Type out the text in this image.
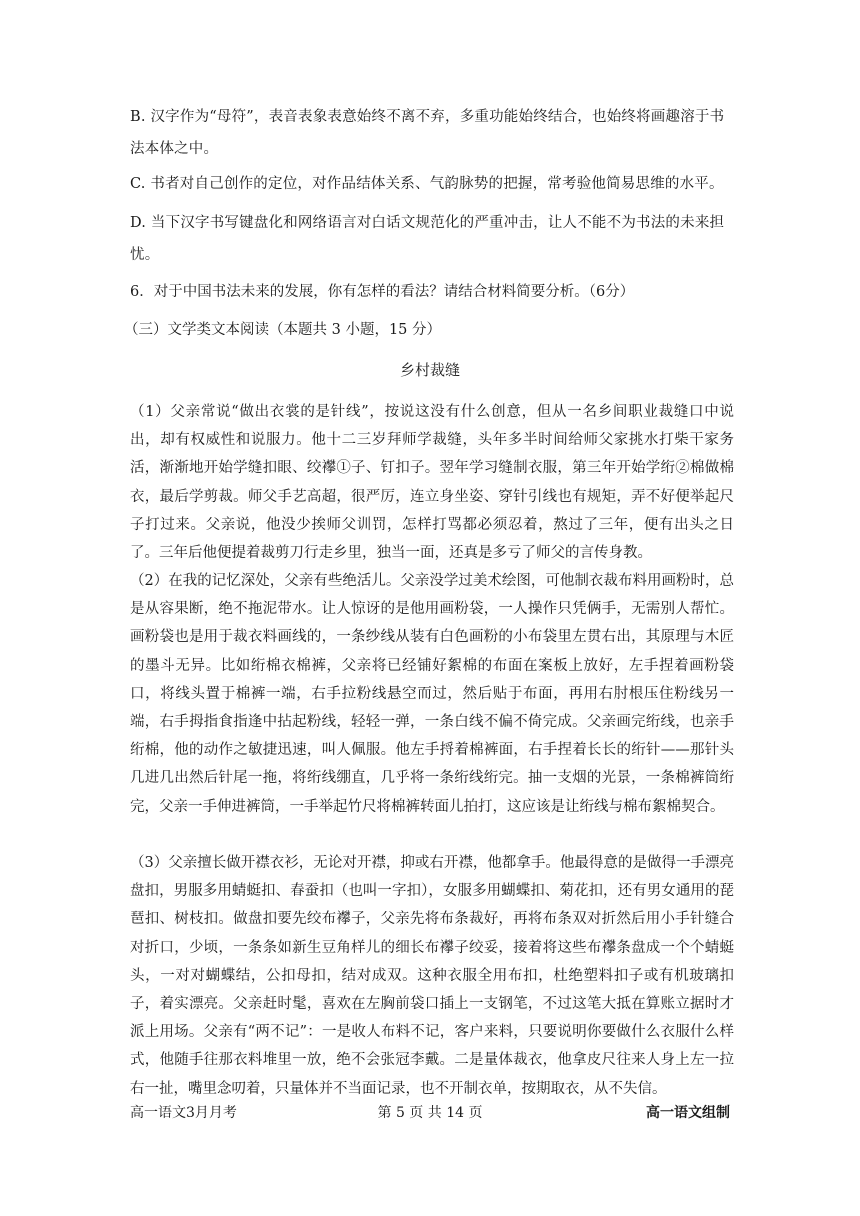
B. 汉字作为“母符”，表音表象表意始终不离不弃，多重功能始终结合，也始终将画趣溶于书法本体之中。
C. 书者对自己创作的定位，对作品结体关系、气韵脉势的把握，常考验他简易思维的水平。
D. 当下汉字书写键盘化和网络语言对白话文规范化的严重冲击，让人不能不为书法的未来担忧。
6．对于中国书法未来的发展，你有怎样的看法？请结合材料简要分析。（6分）
（三）文学类文本阅读（本题共 3 小题，15 分）
乡村裁缝
（1）父亲常说“做出衣裳的是针线”，按说这没有什么创意，但从一名乡间职业裁缝口中说出，却有权威性和说服力。他十二三岁拜师学裁缝，头年多半时间给师父家挑水打柴干家务活，渐渐地开始学缝扣眼、绞襻①子、钉扣子。翌年学习缝制衣服，第三年开始学绗②棉做棉衣，最后学剪裁。师父手艺高超，很严厉，连立身坐姿、穿针引线也有规矩，弄不好便举起尺子打过来。父亲说，他没少挨师父训罚，怎样打骂都必须忍着，熬过了三年，便有出头之日了。三年后他便提着裁剪刀行走乡里，独当一面，还真是多亏了师父的言传身教。
（2）在我的记忆深处，父亲有些绝活儿。父亲没学过美术绘图，可他制衣裁布料用画粉时，总是从容果断，绝不拖泥带水。让人惊讶的是他用画粉袋，一人操作只凭俩手，无需别人帮忙。画粉袋也是用于裁衣料画线的，一条纱线从装有白色画粉的小布袋里左贯右出，其原理与木匠的墨斗无异。比如绗棉衣棉裤，父亲将已经铺好絮棉的布面在案板上放好，左手捏着画粉袋口，将线头置于棉裤一端，右手拉粉线悬空而过，然后贴于布面，再用右肘根压住粉线另一端，右手拇指食指逢中拈起粉线，轻轻一弹，一条白线不偏不倚完成。父亲画完绗线，也亲手绗棉，他的动作之敏捷迅速，叫人佩服。他左手捋着棉裤面，右手捏着长长的绗针——那针头几进几出然后针尾一拖，将绗线绷直，几乎将一条绗线绗完。抽一支烟的光景，一条棉裤筒绗完，父亲一手伸进裤筒，一手举起竹尺将棉裤转面儿拍打，这应该是让绗线与棉布絮棉契合。
（3）父亲擅长做开襟衣衫，无论对开襟，抑或右开襟，他都拿手。他最得意的是做得一手漂亮盘扣，男服多用蜻蜓扣、春蚕扣（也叫一字扣），女服多用蝴蝶扣、菊花扣，还有男女通用的琵琶扣、树枝扣。做盘扣要先绞布襻子，父亲先将布条裁好，再将布条双对折然后用小手针缝合对折口，少顷，一条条如新生豆角样儿的细长布襻子绞妥，接着将这些布襻条盘成一个个蜻蜓头，一对对蝴蝶结，公扣母扣，结对成双。这种衣服全用布扣，杜绝塑料扣子或有机玻璃扣子，着实漂亮。父亲赶时髦，喜欢在左胸前袋口插上一支钢笔，不过这笔大抵在算账立据时才派上用场。父亲有“两不记”：一是收人布料不记，客户来料，只要说明你要做什么衣服什么样式，他随手往那衣料堆里一放，绝不会张冠李戴。二是量体裁衣，他拿皮尺往来人身上左一拉右一扯，嘴里念叨着，只量体并不当面记录，也不开制衣单，按期取衣，从不失信。
高一语文3月月考	第 5 页 共 14 页	高一语文组制
